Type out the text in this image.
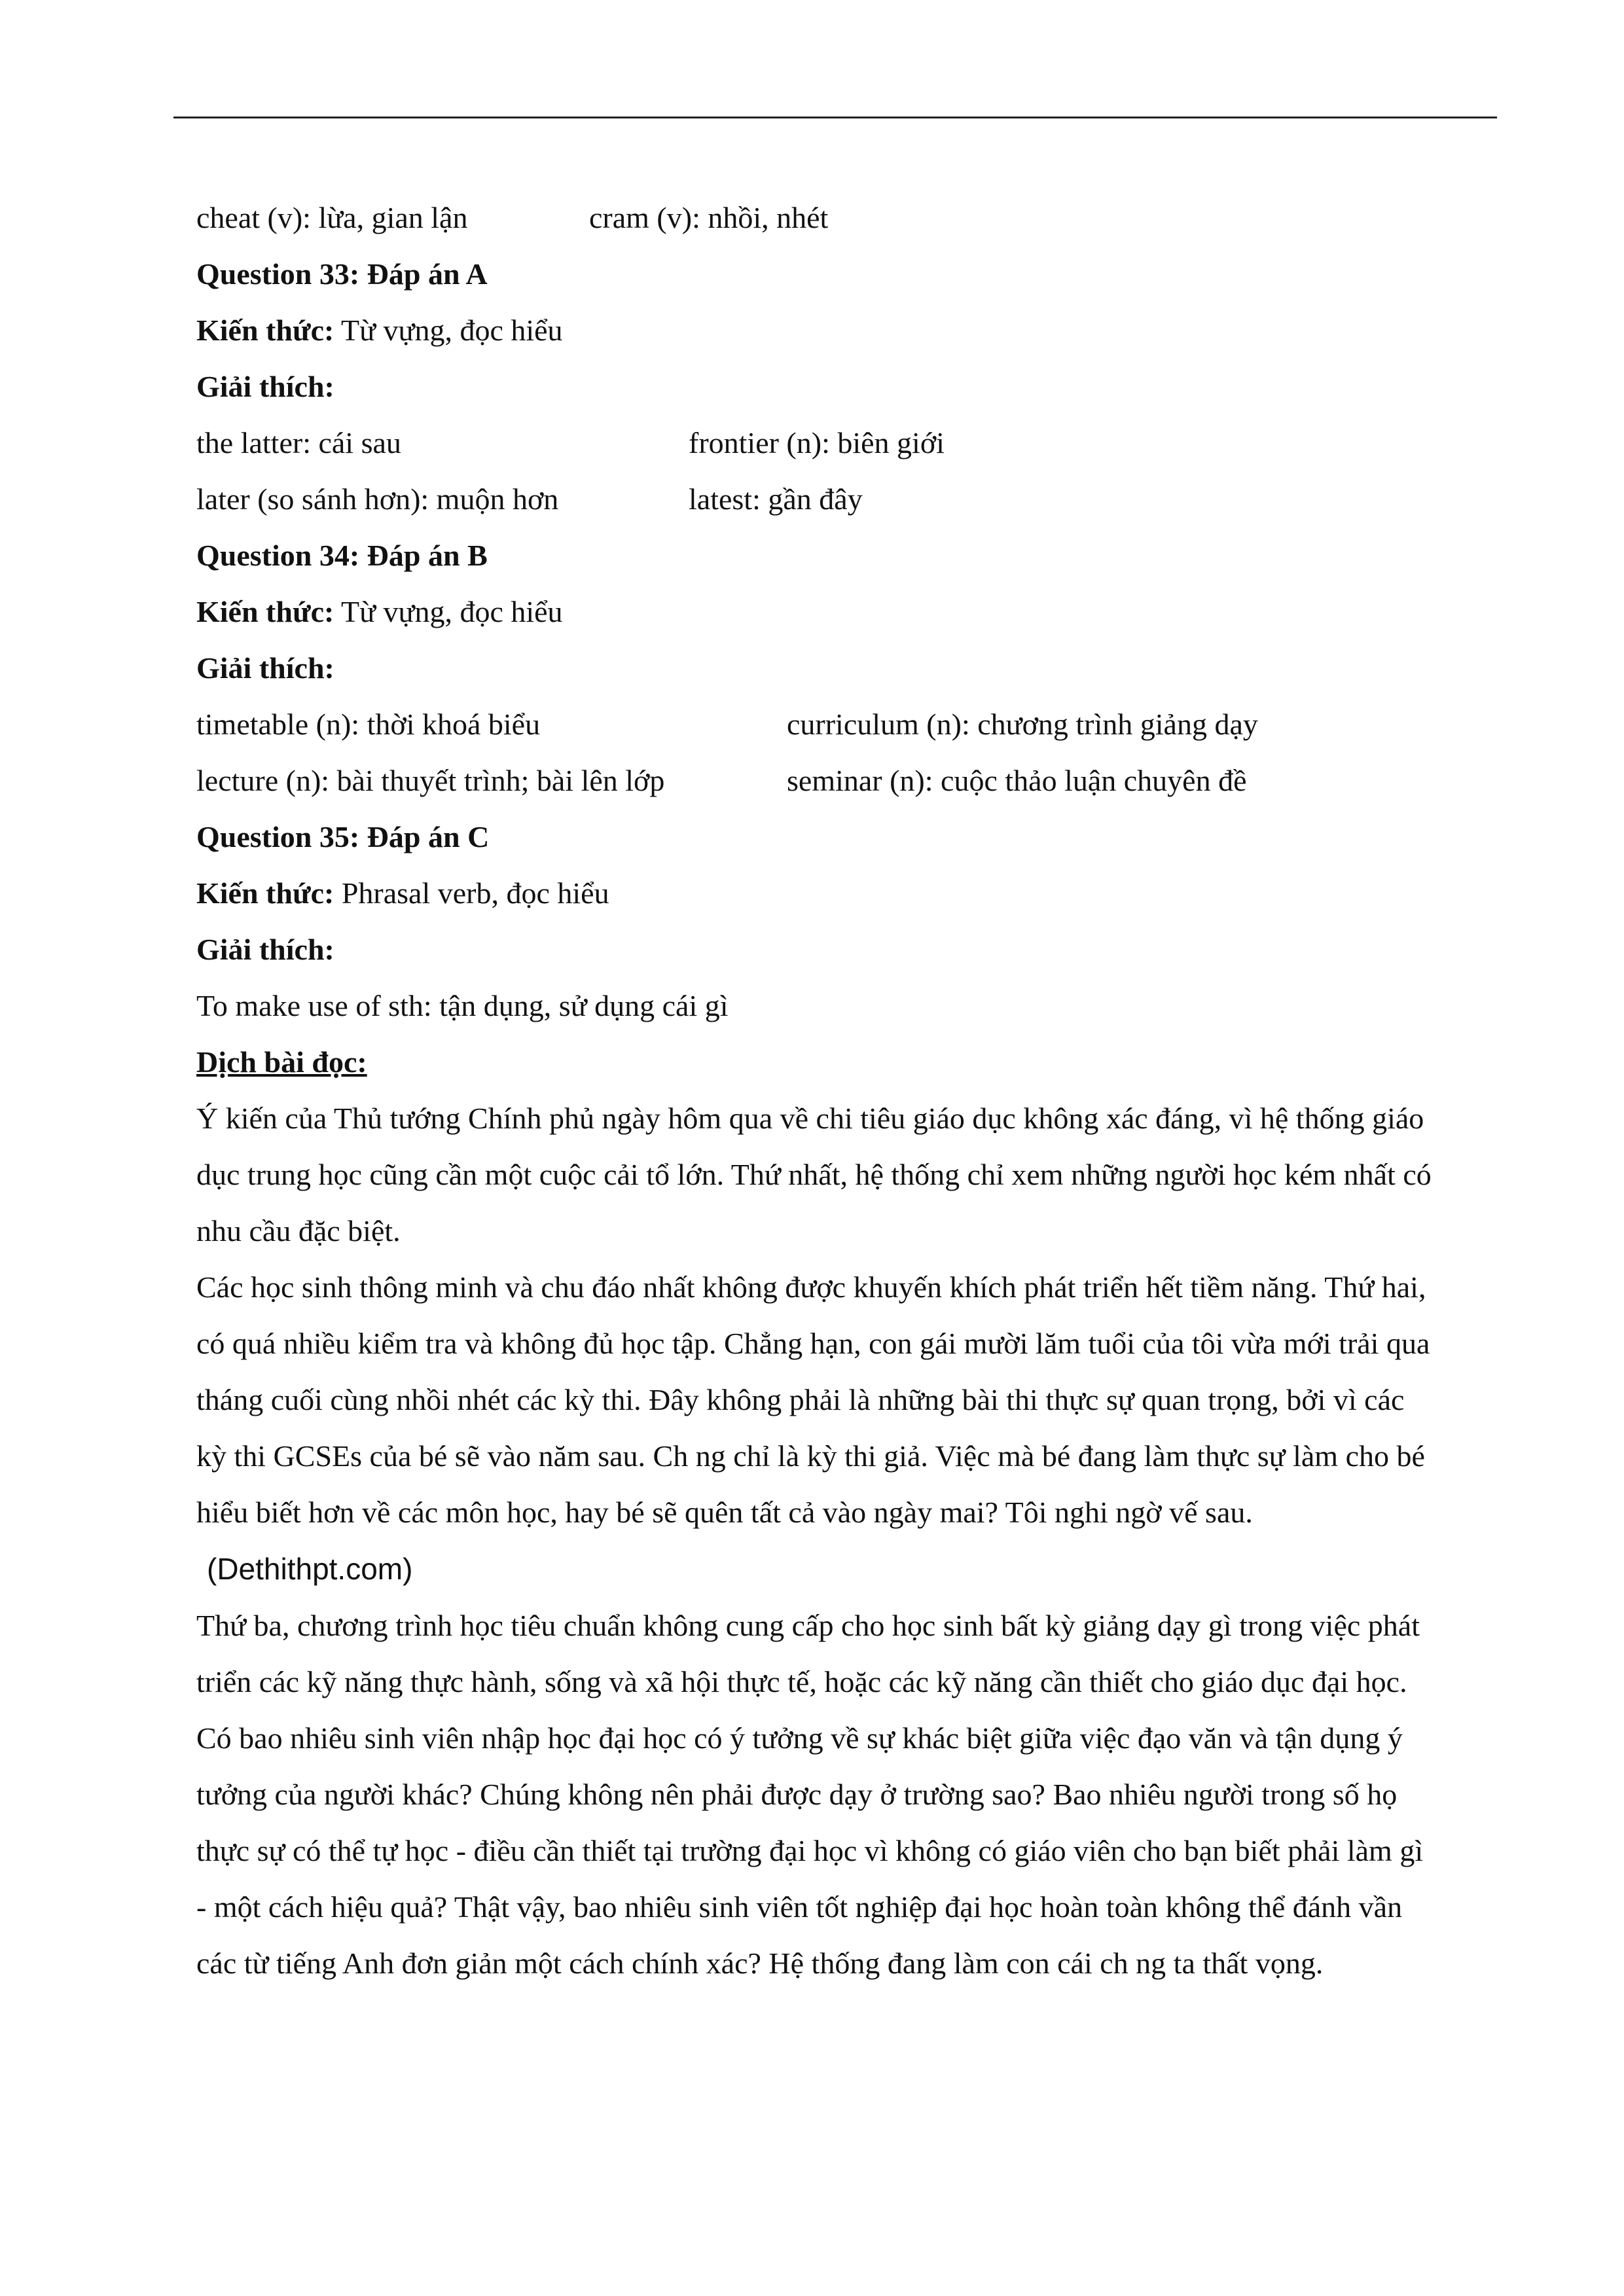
cheat (v): lừa, gian lận	cram (v): nhồi, nhét
Question 33: Đáp án A
Kiến thức: Từ vựng, đọc hiểu
Giải thích:
the latter: cái sau	frontier (n): biên giới
later (so sánh hơn): muộn hơn	latest: gần đây
Question 34: Đáp án B
Kiến thức: Từ vựng, đọc hiểu
Giải thích:
timetable (n): thời khoá biểu	curriculum (n): chương trình giảng dạy
lecture (n): bài thuyết trình; bài lên lớp	seminar (n): cuộc thảo luận chuyên đề
Question 35: Đáp án C
Kiến thức: Phrasal verb, đọc hiểu
Giải thích:
To make use of sth: tận dụng, sử dụng cái gì
Dịch bài đọc:

Ý kiến của Thủ tướng Chính phủ ngày hôm qua về chi tiêu giáo dục không xác đáng, vì hệ thống giáo dục trung học cũng cần một cuộc cải tổ lớn. Thứ nhất, hệ thống chỉ xem những người học kém nhất có nhu cầu đặc biệt.

Các học sinh thông minh và chu đáo nhất không được khuyến khích phát triển hết tiềm năng. Thứ hai, có quá nhiều kiểm tra và không đủ học tập. Chẳng hạn, con gái mười lăm tuổi của tôi vừa mới trải qua tháng cuối cùng nhồi nhét các kỳ thi. Đây không phải là những bài thi thực sự quan trọng, bởi vì các kỳ thi GCSEs của bé sẽ vào năm sau. Ch ng chỉ là kỳ thi giả. Việc mà bé đang làm thực sự làm cho bé hiểu biết hơn về các môn học, hay bé sẽ quên tất cả vào ngày mai? Tôi nghi ngờ vế sau.(Dethithpt.com)

Thứ ba, chương trình học tiêu chuẩn không cung cấp cho học sinh bất kỳ giảng dạy gì trong việc phát triển các kỹ năng thực hành, sống và xã hội thực tế, hoặc các kỹ năng cần thiết cho giáo dục đại học. Có bao nhiêu sinh viên nhập học đại học có ý tưởng về sự khác biệt giữa việc đạo văn và tận dụng ý tưởng của người khác? Chúng không nên phải được dạy ở trường sao? Bao nhiêu người trong số họ thực sự có thể tự học - điều cần thiết tại trường đại học vì không có giáo viên cho bạn biết phải làm gì - một cách hiệu quả? Thật vậy, bao nhiêu sinh viên tốt nghiệp đại học hoàn toàn không thể đánh vần các từ tiếng Anh đơn giản một cách chính xác? Hệ thống đang làm con cái ch ng ta thất vọng.
